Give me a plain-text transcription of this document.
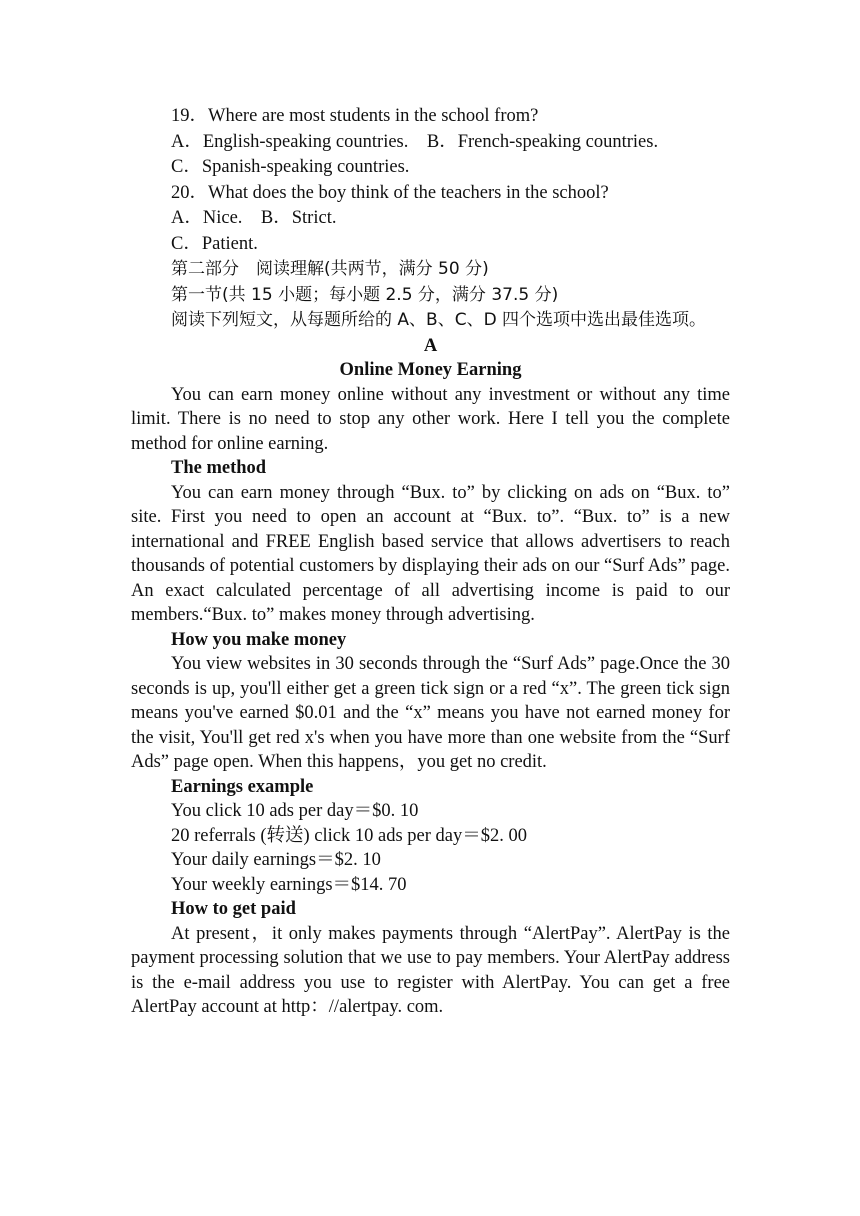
19．Where are most students in the school from?

A．English-speaking countries.　B．French-speaking countries.

C．Spanish-speaking countries.

20．What does the boy think of the teachers in the school?

A．Nice.　B．Strict.

C．Patient.

第二部分　阅读理解(共两节，满分 50 分)

第一节(共 15 小题；每小题 2.5 分，满分 37.5 分)

阅读下列短文，从每题所给的 A、B、C、D 四个选项中选出最佳选项。

A

Online Money Earning

You can earn money online without any investment or without any time limit. There is no need to stop any other work. Here I tell you the complete method for online earning.

The method

You can earn money through “Bux. to” by clicking on ads on “Bux. to” site. First you need to open an account at “Bux. to”. “Bux. to” is a new international and FREE English based service that allows advertisers to reach thousands of potential customers by displaying their ads on our “Surf Ads” page. An exact calculated percentage of all advertising income is paid to our members.“Bux. to” makes money through advertising.

How you make money

You view websites in 30 seconds through the “Surf Ads” page.Once the 30 seconds is up, you'll either get a green tick sign or a red “x”. The green tick sign means you've earned $0.01 and the “x” means you have not earned money for the visit, You'll get red x's when you have more than one website from the “Surf Ads” page open. When this happens，you get no credit.

Earnings example

You click 10 ads per day＝$0. 10

20 referrals (转送) click 10 ads per day＝$2. 00

Your daily earnings＝$2. 10

Your weekly earnings＝$14. 70

How to get paid

At present，it only makes payments through “AlertPay”. AlertPay is the payment processing solution that we use to pay members. Your AlertPay address is the e-mail address you use to register with AlertPay. You can get a free AlertPay account at http：//alertpay. com.
